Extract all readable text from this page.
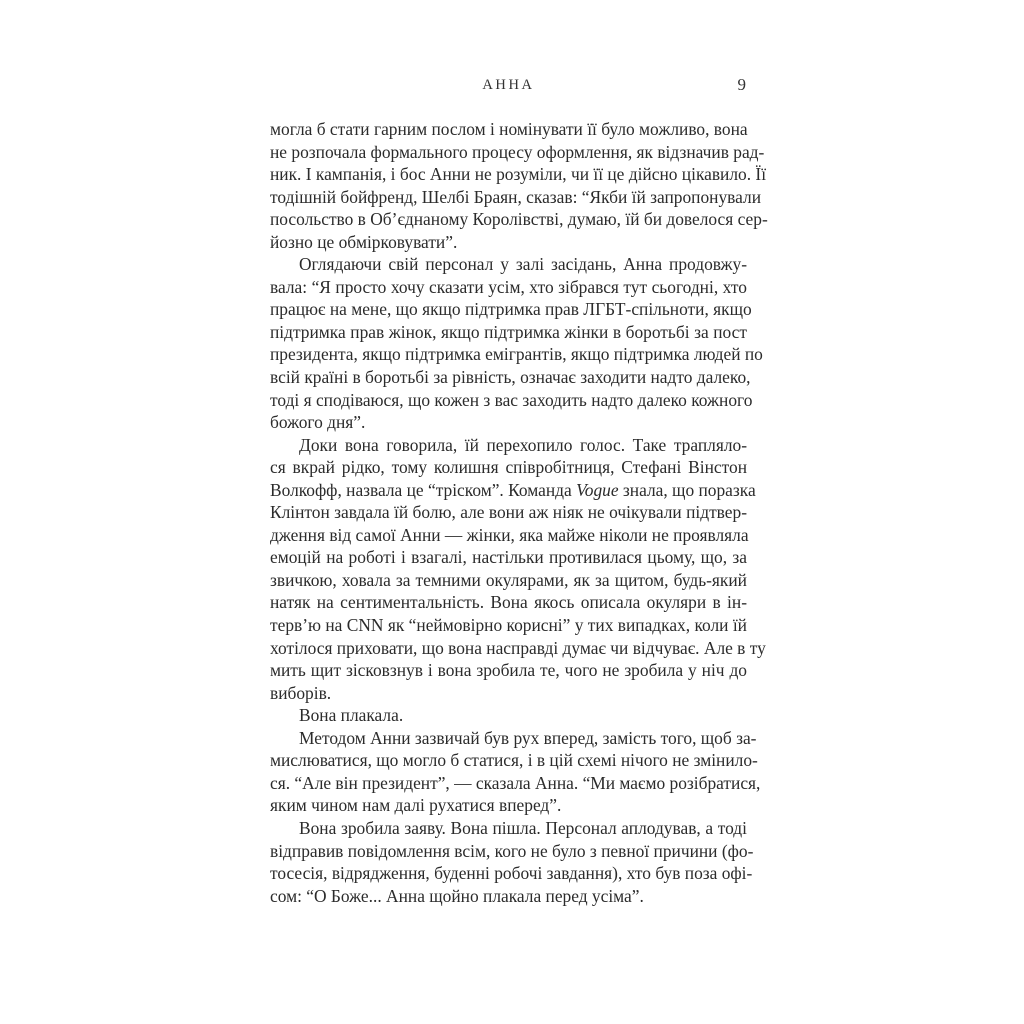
АННА	9
могла б стати гарним послом і номінувати її було можливо, вона
не розпочала формального процесу оформлення, як відзначив рад-
ник. І кампанія, і бос Анни не розуміли, чи її це дійсно цікавило. Її
тодішній бойфренд, Шелбі Браян, сказав: “Якби їй запропонували
посольство в Об’єднаному Королівстві, думаю, їй би довелося сер-
йозно це обмірковувати”.
Оглядаючи свій персонал у залі засідань, Анна продовжу-
вала: “Я просто хочу сказати усім, хто зібрався тут сьогодні, хто
працює на мене, що якщо підтримка прав ЛГБТ-спільноти, якщо
підтримка прав жінок, якщо підтримка жінки в боротьбі за пост
президента, якщо підтримка емігрантів, якщо підтримка людей по
всій країні в боротьбі за рівність, означає заходити надто далеко,
тоді я сподіваюся, що кожен з вас заходить надто далеко кожного
божого дня”.
Доки вона говорила, їй перехопило голос. Таке трапляло-
ся вкрай рідко, тому колишня співробітниця, Стефані Вінстон
Волкофф, назвала це “тріском”. Команда Vogue знала, що поразка
Клінтон завдала їй болю, але вони аж ніяк не очікували підтвер-
дження від самої Анни — жінки, яка майже ніколи не проявляла
емоцій на роботі і взагалі, настільки противилася цьому, що, за
звичкою, ховала за темними окулярами, як за щитом, будь-який
натяк на сентиментальність. Вона якось описала окуляри в ін-
терв’ю на CNN як “неймовірно корисні” у тих випадках, коли їй
хотілося приховати, що вона насправді думає чи відчуває. Але в ту
мить щит зісковзнув і вона зробила те, чого не зробила у ніч до
виборів.
Вона плакала.
Методом Анни зазвичай був рух вперед, замість того, щоб за-
мислюватися, що могло б статися, і в цій схемі нічого не змінило-
ся. “Але він президент”, — сказала Анна. “Ми маємо розібратися,
яким чином нам далі рухатися вперед”.
Вона зробила заяву. Вона пішла. Персонал аплодував, а тоді
відправив повідомлення всім, кого не було з певної причини (фо-
тосесія, відрядження, буденні робочі завдання), хто був поза офі-
сом: “О Боже... Анна щойно плакала перед усіма”.
